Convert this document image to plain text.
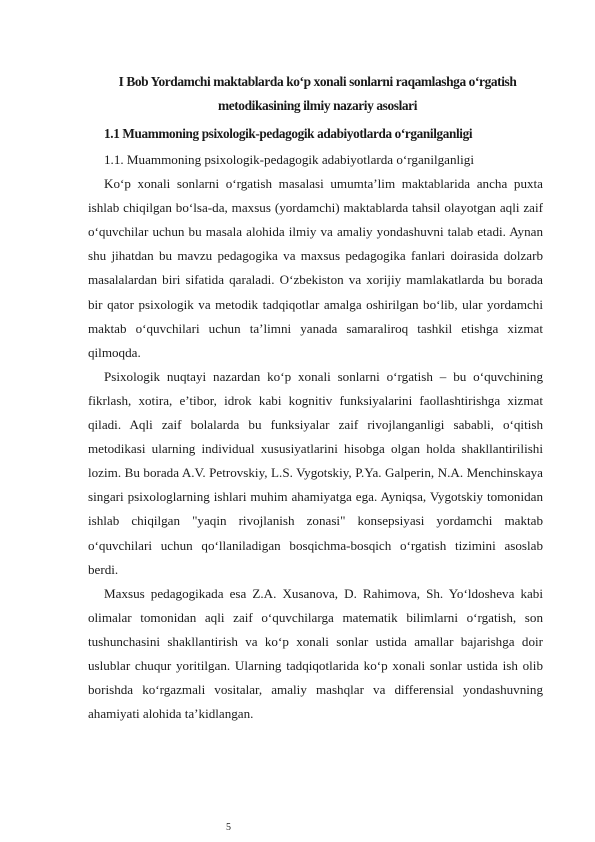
I Bob Yordamchi maktablarda ko‘p xonali sonlarni raqamlashga o‘rgatish metodikasining ilmiy nazariy asoslari
1.1 Muammoning psixologik-pedagogik adabiyotlarda o‘rganilganligi

1.1. Muammoning psixologik-pedagogik adabiyotlarda o‘rganilganligi

Ko‘p xonali sonlarni o‘rgatish masalasi umumta’lim maktablarida ancha puxta ishlab chiqilgan bo‘lsa-da, maxsus (yordamchi) maktablarda tahsil olayotgan aqli zaif o‘quvchilar uchun bu masala alohida ilmiy va amaliy yondashuvni talab etadi. Aynan shu jihatdan bu mavzu pedagogika va maxsus pedagogika fanlari doirasida dolzarb masalalardan biri sifatida qaraladi. O‘zbekiston va xorijiy mamlakatlarda bu borada bir qator psixologik va metodik tadqiqotlar amalga oshirilgan bo‘lib, ular yordamchi maktab o‘quvchilari uchun ta’limni yanada samaraliroq tashkil etishga xizmat qilmoqda.

Psixologik nuqtayi nazardan ko‘p xonali sonlarni o‘rgatish – bu o‘quvchining fikrlash, xotira, e’tibor, idrok kabi kognitiv funksiyalarini faollashtirishga xizmat qiladi. Aqli zaif bolalarda bu funksiyalar zaif rivojlanganligi sababli, o‘qitish metodikasi ularning individual xususiyatlarini hisobga olgan holda shakllantirilishi lozim. Bu borada A.V. Petrovskiy, L.S. Vygotskiy, P.Ya. Galperin, N.A. Menchinskaya singari psixologlarning ishlari muhim ahamiyatga ega. Ayniqsa, Vygotskiy tomonidan ishlab chiqilgan "yaqin rivojlanish zonasi" konsepsiyasi yordamchi maktab o‘quvchilari uchun qo‘llaniladigan bosqichma-bosqich o‘rgatish tizimini asoslab berdi.

Maxsus pedagogikada esa Z.A. Xusanova, D. Rahimova, Sh. Yo‘ldosheva kabi olimalar tomonidan aqli zaif o‘quvchilarga matematik bilimlarni o‘rgatish, son tushunchasini shakllantirish va ko‘p xonali sonlar ustida amallar bajarishga doir uslublar chuqur yoritilgan. Ularning tadqiqotlarida ko‘p xonali sonlar ustida ish olib borishda ko‘rgazmali vositalar, amaliy mashqlar va differensial yondashuvning ahamiyati alohida ta’kidlangan.

5
